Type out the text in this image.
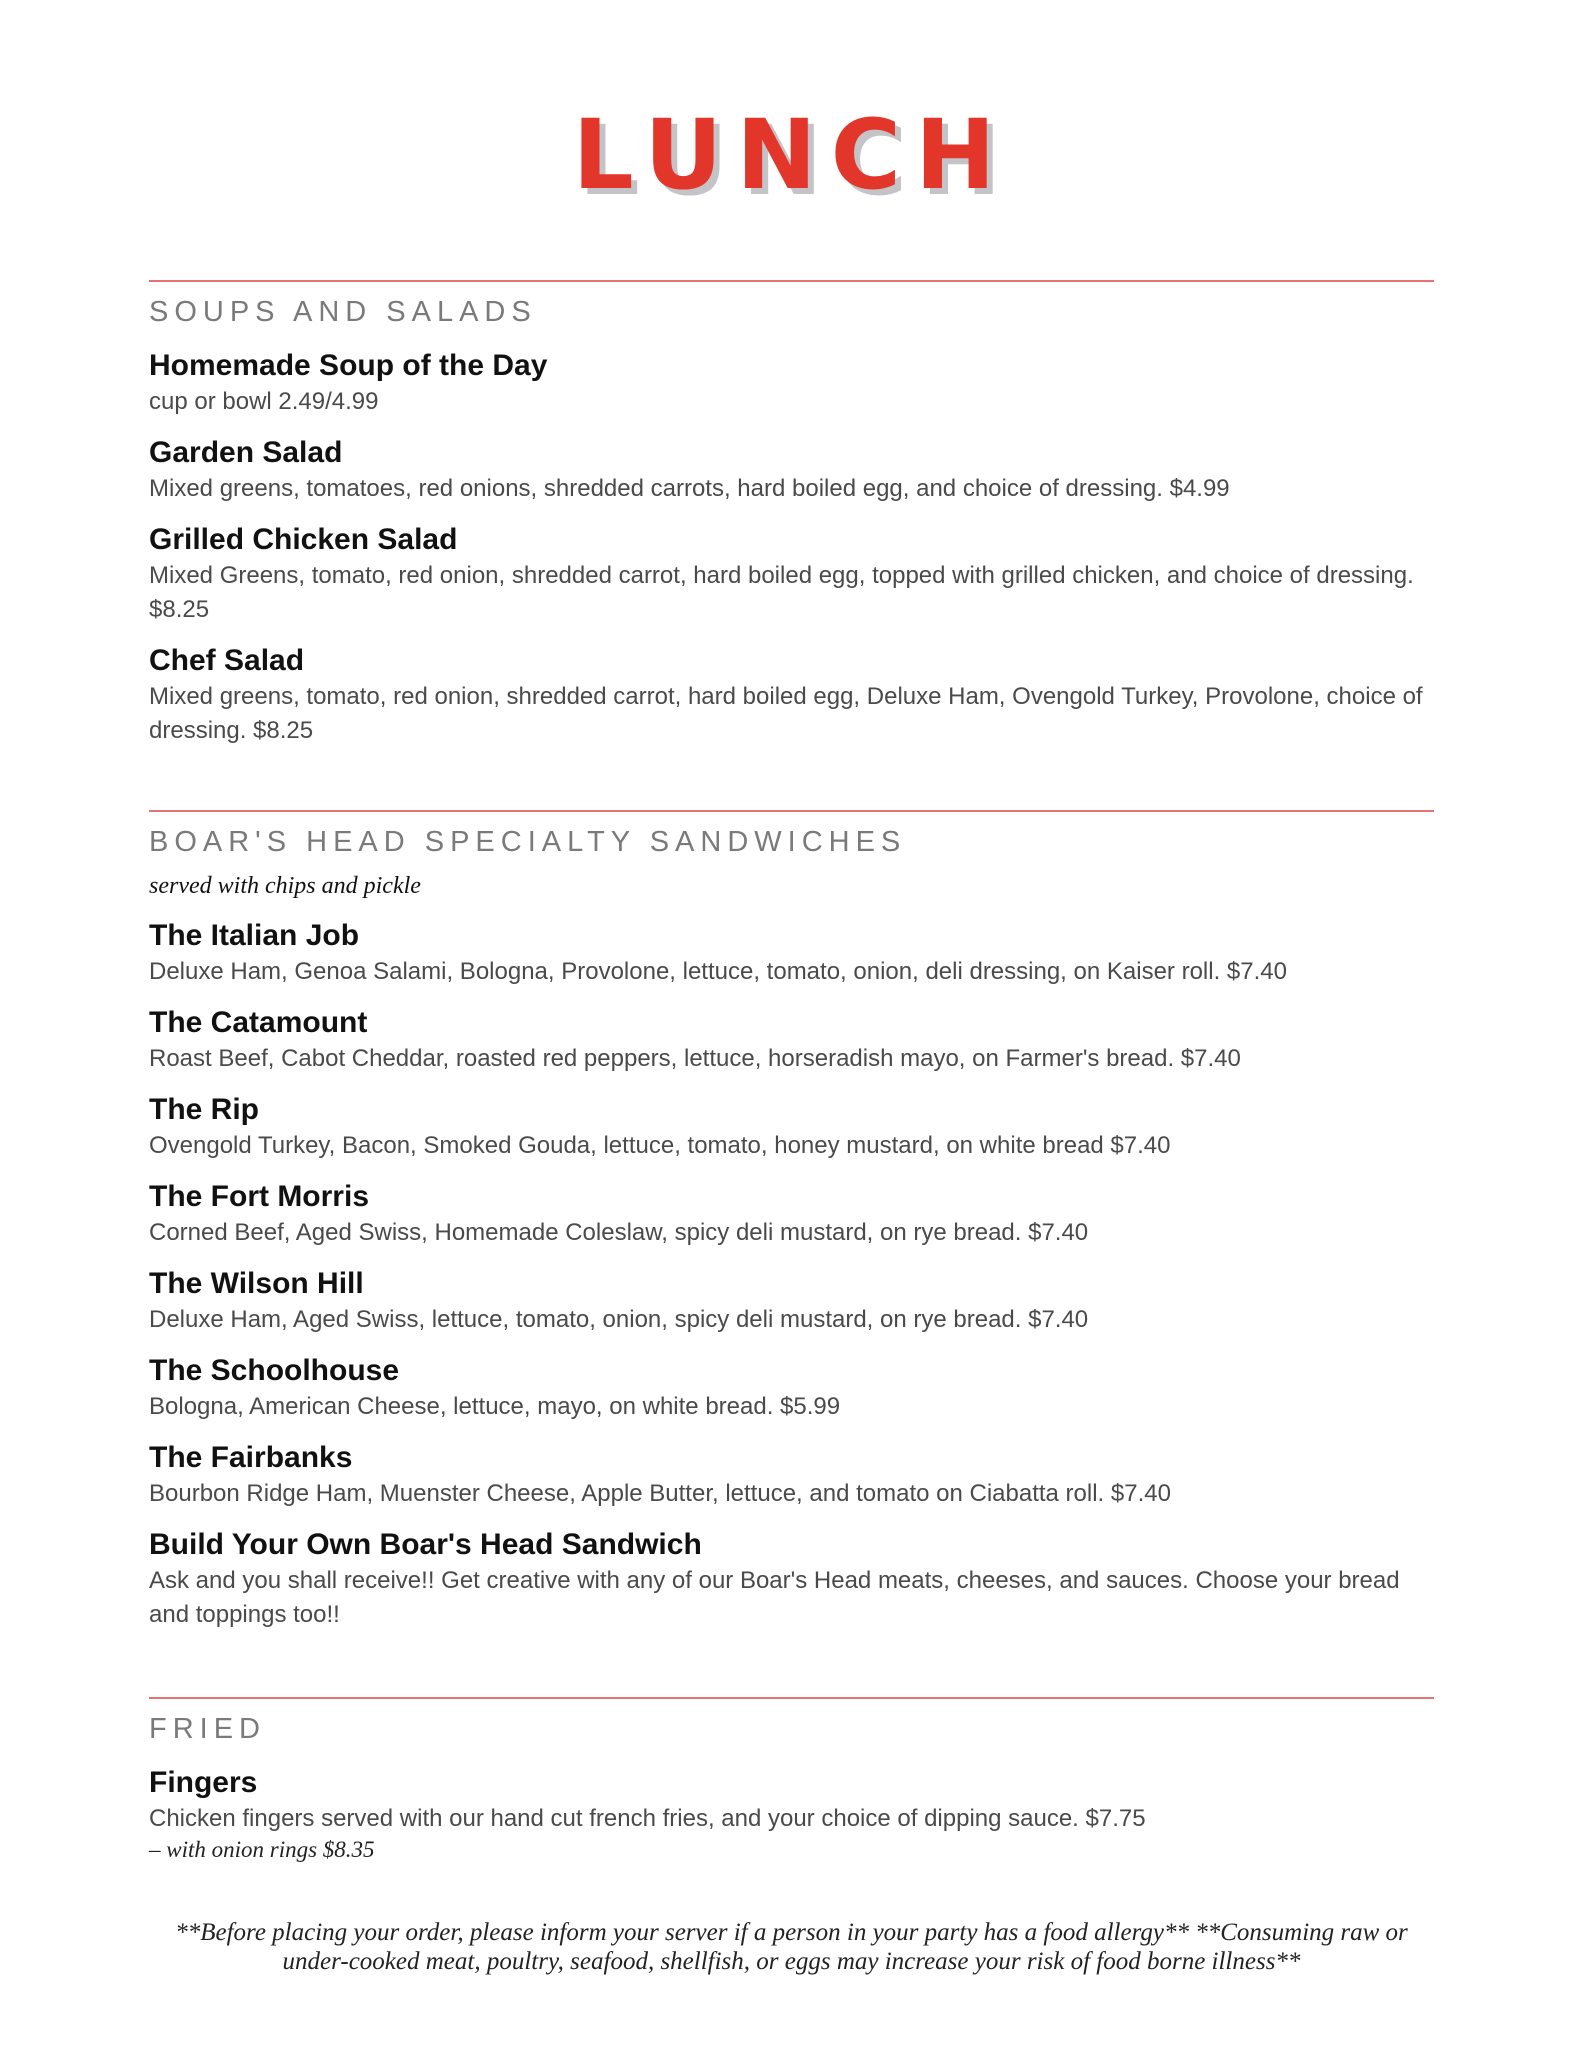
LUNCH
SOUPS AND SALADS
Homemade Soup of the Day
cup or bowl 2.49/4.99
Garden Salad
Mixed greens, tomatoes, red onions, shredded carrots, hard boiled egg, and choice of dressing. $4.99
Grilled Chicken Salad
Mixed Greens, tomato, red onion, shredded carrot, hard boiled egg, topped with grilled chicken, and choice of dressing. $8.25
Chef Salad
Mixed greens, tomato, red onion, shredded carrot, hard boiled egg, Deluxe Ham, Ovengold Turkey, Provolone, choice of dressing. $8.25
BOAR'S HEAD SPECIALTY SANDWICHES
served with chips and pickle
The Italian Job
Deluxe Ham, Genoa Salami, Bologna, Provolone, lettuce, tomato, onion, deli dressing, on Kaiser roll. $7.40
The Catamount
Roast Beef, Cabot Cheddar, roasted red peppers, lettuce, horseradish mayo, on Farmer's bread. $7.40
The Rip
Ovengold Turkey, Bacon, Smoked Gouda, lettuce, tomato, honey mustard, on white bread $7.40
The Fort Morris
Corned Beef, Aged Swiss, Homemade Coleslaw, spicy deli mustard, on rye bread. $7.40
The Wilson Hill
Deluxe Ham, Aged Swiss, lettuce, tomato, onion, spicy deli mustard, on rye bread. $7.40
The Schoolhouse
Bologna, American Cheese, lettuce, mayo, on white bread. $5.99
The Fairbanks
Bourbon Ridge Ham, Muenster Cheese, Apple Butter, lettuce, and tomato on Ciabatta roll. $7.40
Build Your Own Boar's Head Sandwich
Ask and you shall receive!! Get creative with any of our Boar's Head meats, cheeses, and sauces. Choose your bread and toppings too!!
FRIED
Fingers
Chicken fingers served with our hand cut french fries, and your choice of dipping sauce. $7.75
– with onion rings $8.35
**Before placing your order, please inform your server if a person in your party has a food allergy** **Consuming raw or under-cooked meat, poultry, seafood, shellfish, or eggs may increase your risk of food borne illness**
